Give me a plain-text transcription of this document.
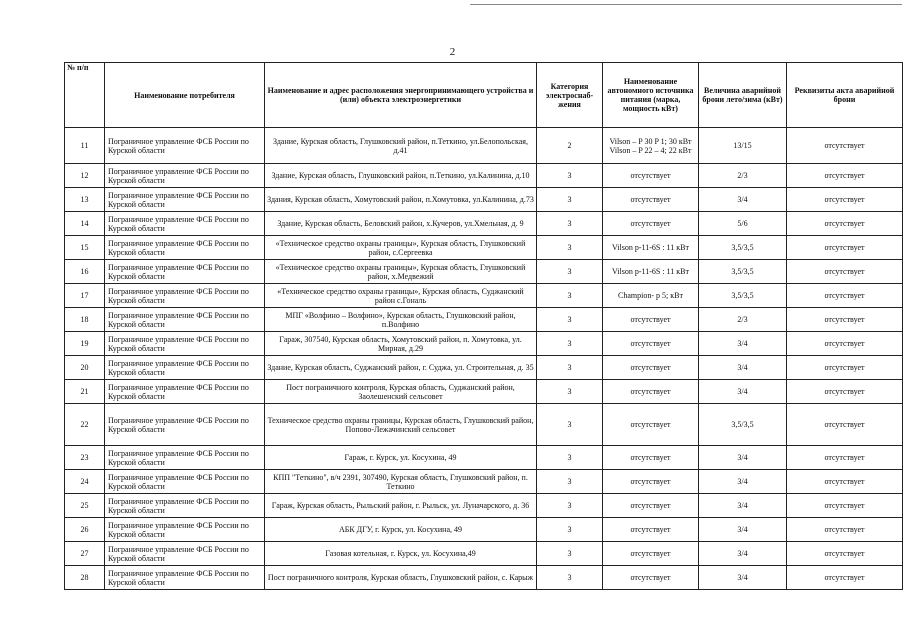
2
№ п/п	Наименование потребителя	Наименование и адрес расположения энергопринимающего устройства и (или) объекта электроэнергетики	Категория электроснаб-жения	Наименование автономного источника питания (марка, мощность кВт)	Величина аварийной брони лето/зима (кВт)	Реквизиты акта аварийной брони
11	Пограничное управление ФСБ России по Курской области	Здание, Курская область, Глушковский район, п.Теткино, ул.Белопольская, д.41	2	Vilson – P 30 P 1; 30 кВт Vilson – P 22 – 4; 22 кВт	13/15	отсутствует
12	Пограничное управление ФСБ России по Курской области	Здание, Курская область, Глушковский район, п.Теткино, ул.Калинина, д.10	3	отсутствует	2/3	отсутствует
13	Пограничное управление ФСБ России по Курской области	Здания, Курская область, Хомутовский район, п.Хомутовка, ул.Калинина, д.73	3	отсутствует	3/4	отсутствует
14	Пограничное управление ФСБ России по Курской области	Здание, Курская область, Беловский район, х.Кучеров, ул.Хмельная, д. 9	3	отсутствует	5/6	отсутствует
15	Пограничное управление ФСБ России по Курской области	«Техническое средство охраны границы», Курская область, Глушковский район, с.Сергеевка	3	Vilson p-11-6S : 11 кВт	3,5/3,5	отсутствует
16	Пограничное управление ФСБ России по Курской области	«Техническое средство охраны границы», Курская область, Глушковский район, х.Медвежий	3	Vilson p-11-6S : 11 кВт	3,5/3,5	отсутствует
17	Пограничное управление ФСБ России по Курской области	«Техническое средство охраны границы», Курская область, Суджанский район с.Гональ	3	Champion- p 5; кВт	3,5/3,5	отсутствует
18	Пограничное управление ФСБ России по Курской области	МПГ «Волфино – Волфино», Курская область, Глушковский район, п.Волфино	3	отсутствует	2/3	отсутствует
19	Пограничное управление ФСБ России по Курской области	Гараж, 307540, Курская область, Хомутовский район, п. Хомутовка, ул. Мирная, д.29	3	отсутствует	3/4	отсутствует
20	Пограничное управление ФСБ России по Курской области	Здание, Курская область, Суджанский район, г. Суджа, ул. Строительная, д. 35	3	отсутствует	3/4	отсутствует
21	Пограничное управление ФСБ России по Курской области	Пост пограничного контроля, Курская область, Суджанский район, Заолешенский сельсовет	3	отсутствует	3/4	отсутствует
22	Пограничное управление ФСБ России по Курской области	Техническое средство охраны границы, Курская область, Глушковский район, Попово-Лежачинский сельсовет	3	отсутствует	3,5/3,5	отсутствует
23	Пограничное управление ФСБ России по Курской области	Гараж, г. Курск, ул. Косухина, 49	3	отсутствует	3/4	отсутствует
24	Пограничное управление ФСБ России по Курской области	КПП "Теткино", в/ч 2391, 307490, Курская область, Глушковский район, п. Теткино	3	отсутствует	3/4	отсутствует
25	Пограничное управление ФСБ России по Курской области	Гараж, Курская область, Рыльский район, г. Рыльск, ул. Луначарского, д. 36	3	отсутствует	3/4	отсутствует
26	Пограничное управление ФСБ России по Курской области	АБК ДГУ, г. Курск, ул. Косухина, 49	3	отсутствует	3/4	отсутствует
27	Пограничное управление ФСБ России по Курской области	Газовая котельная, г. Курск, ул. Косухина,49	3	отсутствует	3/4	отсутствует
28	Пограничное управление ФСБ России по Курской области	Пост пограничного контроля, Курская область, Глушковский район, с. Карыж	3	отсутствует	3/4	отсутствует
